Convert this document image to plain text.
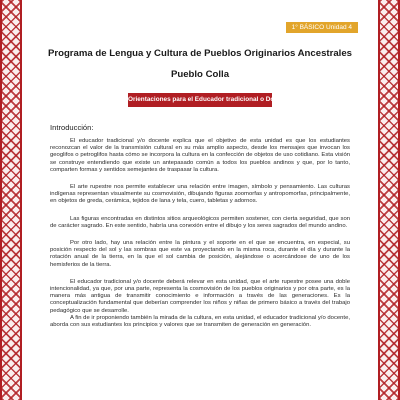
1° BÁSICO Unidad 4
Programa de Lengua y Cultura de Pueblos Originarios Ancestrales
Pueblo Colla
Orientaciones para el Educador tradicional o Docente
Introducción:

El educador tradicional y/o docente explica que el objetivo de esta unidad es que los estudiantes reconozcan el valor de la transmisión cultural en su más amplio aspecto, desde los mensajes que invocan los geoglifos o petroglifos hasta cómo se incorpora la cultura en la confección de objetos de uso cotidiano. Esta visión se construye entendiendo que existe un antepasado común a todos los pueblos andinos y que, por lo tanto, comparten formas y sentidos semejantes de traspasar la cultura.

El arte rupestre nos permite establecer una relación entre imagen, símbolo y pensamiento. Las culturas indígenas representan visualmente su cosmovisión, dibujando figuras zoomorfas y antropomorfas, principalmente, en objetos de greda, cerámica, tejidos de lana y tela, cuero, tabletas y adornos.

Las figuras encontradas en distintos sitios arqueológicos permiten sostener, con cierta seguridad, que son de carácter sagrado. En este sentido, habría una conexión entre el dibujo y los seres sagrados del mundo andino.

Por otro lado, hay una relación entre la pintura y el soporte en el que se encuentra, en especial, su posición respecto del sol y las sombras que este va proyectando en la misma roca, durante el día y durante la rotación anual de la tierra, en la que el sol cambia de posición, alejándose o acercándose de uno de los hemisferios de la tierra.

El educador tradicional y/o docente deberá relevar en esta unidad, que el arte rupestre posee una doble intencionalidad, ya que, por una parte, representa la cosmovisión de los pueblos originarios y por otra parte, es la manera más antigua de transmitir conocimiento e información a través de las generaciones. Es la conceptualización fundamental que deberían comprender los niños y niñas de primero básico a través del trabajo pedagógico que se desarrolle.

A fin de ir proponiendo también la mirada de la cultura, en esta unidad, el educador tradicional y/o docente, aborda con sus estudiantes los principios y valores que se transmiten de generación en generación.
